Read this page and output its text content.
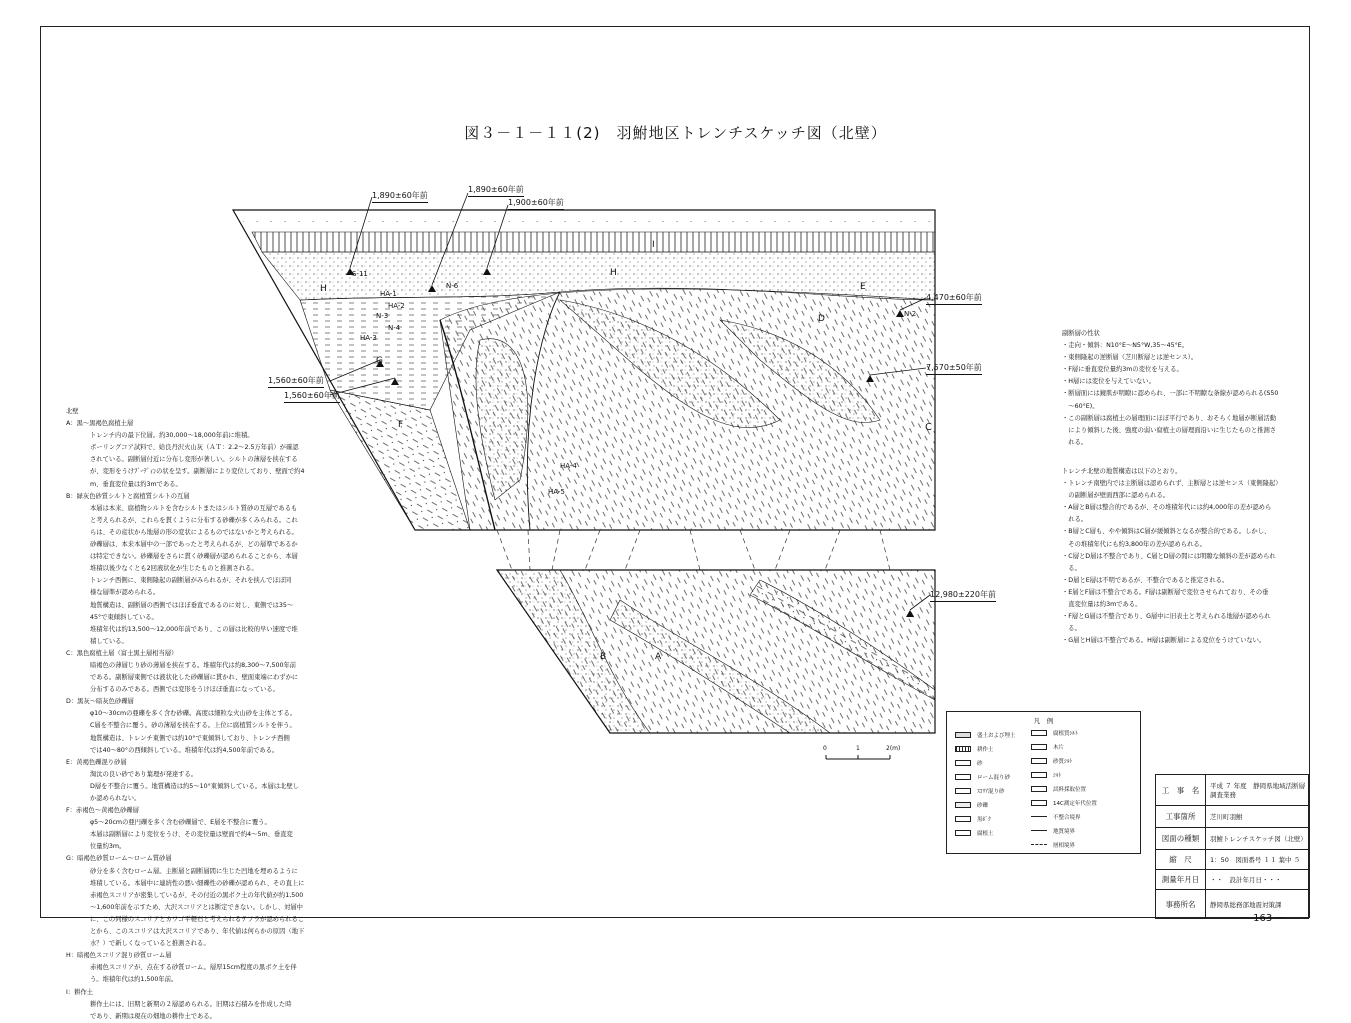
図３－１－１１(2)　羽鮒地区トレンチスケッチ図（北壁）
I
H
H	E
D
C
F
G
B	A
S-11
HA-1
HA-2
N-3
N-4
HA-3
HA-4
HA-5
N-6
N-2
1,890±60年前
1,890±60年前
1,900±60年前
4,470±60年前
7,570±50年前
1,560±60年前
1,560±60年前
12,980±220年前
0	1	2(m)
北壁
A：黒～黒褐色腐植土層
トレンチ内の最下位層。約30,000～18,000年前に堆積。
ボーリングコア試料で、姶良丹沢火山灰（ＡＴ：2.2～2.5万年前）が確認
されている。副断層付近に分布し変形が著しい。シルトの薄層を挟在する
が、変形をうけﾌﾞｰﾃﾞｨﾝの状を呈す。副断層により変位しており、壁面で約4
m、垂直変位量は約3mである。
B：緑灰色砂質シルトと腐植質シルトの互層
本層は本来、腐植物シルトを含むシルトまたはシルト質砂の互層であるも
と考えられるが、これらを貫くように分布する砂礫が多くみられる。これ
らは、その産状から地層の形の変状によるものではないかと考えられる。
砂礫層は、本来本層中の一部であったと考えられるが、どの層準であるか
は特定できない。砂礫層をさらに貫く砂礫層が認められることから、本層
堆積以後少なくとも2回液状化が生じたものと推測される。
トレンチ西側に、東側隆起の副断層がみられるが、それを挟んでほぼ同
様な層準が認められる。
地質構造は、副断層の西側ではほぼ垂直であるのに対し、東側では35～
45°で東傾斜している。
堆積年代は約13,500～12,000年前であり、この層は比較的早い速度で堆
積している。
C：黒色腐植土層（富士黒土層相当層）
暗褐色の薄層じり砂の薄層を挟在する。堆積年代は約8,300～7,500年前
である。副断層東側では液状化した砂礫層に貫かれ、壁面東端にわずかに
分布するのみである。西側では変形をうけほぼ垂直になっている。
D：黒灰～暗灰色砂礫層
φ10～30cmの亜礫を多く含む砂礫。高度は細粒な火山砂を主体とする。
C層を不整合に覆う。砂の薄層を挟在する。上位に腐植質シルトを伴う。
地質構造は、トレンチ東側では約10°で東傾斜しており、トレンチ西側
では40～80°の西傾斜している。堆積年代は約4,500年前である。
E：黄褐色礫混り砂層
淘汰の良い砂であり葉理が発達する。
D層を不整合に覆う。地質構造は約5～10°東傾斜している。本層は北壁し
か認められない。
F：赤褐色～黄褐色砂礫層
φ5～20cmの亜円礫を多く含む砂礫層で、E層を不整合に覆う。
本層は副断層により変位をうけ、その変位量は壁面で約4～5m、垂直変
位量約3m。
G：暗褐色砂質ローム～ローム質砂層
砂分を多く含むローム層。主断層と副断層間に生じた凹地を埋めるように
堆積している。本層中に連続性の悪い細礫性の砂礫が認められ、その直上に
赤褐色スコリアが密集しているが、その付近の黒ボク土の年代値が約1,500
～1,600年前を示すため、大沢スコリアとは断定できない。しかし、対層中
に、この同様のスコリアとカワゴ平軽石と考えられるテフラが認められるこ
とから、このスコリアは大沢スコリアであり、年代値は何らかの原因（地下
水？）で新しくなっていると推測される。
H：暗褐色スコリア混り砂質ローム層
赤褐色スコリアが、点在する砂質ローム。層厚15cm程度の黒ボク土を伴
う。堆積年代は約1,500年前。
I：耕作土
耕作土には、旧期と新期の２層認められる。旧期は石積みを作成した時
であり、新期は現在の畑地の耕作土である。
副断層の性状
・走向・傾斜：N10°E～N5°W,35～45°E。
・東側隆起の逆断層（芝川断層とは逆センス）。
・F層に垂直変位量約3mの変位を与える。
・H層には変位を与えていない。
・断層面には鏡肌が明瞭に認められ、一部に不明瞭な条線が認められる(S50
　～60°E)。
・この副断層は腐植土の層理面にほぼ平行であり、おそらく地層が断層活動
　により傾斜した後、強度の弱い腐植土の層理面沿いに生じたものと推測さ
　れる。
トレンチ北壁の地質構造は以下のとおり。
・トレンチ南壁内では主断層は認められず、主断層とは逆センス（東側隆起）
　の副断層が壁面西部に認められる。
・A層とB層は整合的であるが、その堆積年代には約4,000年の差が認めら
　れる。
・B層とC層も、やや傾斜はC層が緩傾斜となるが整合的である。しかし、
　その堆積年代にも約3,800年の差が認められる。
・C層とD層は不整合であり、C層とD層の間には明瞭な傾斜の差が認められ
　る。
・D層とE層は不明であるが、不整合であると推定される。
・E層とF層は不整合である。F層は副断層で変位させられており、その垂
　直変位量は約3mである。
・F層とG層は不整合であり、G層中に旧表土と考えられる地層が認められ
　る。
・G層とH層は不整合である。H層は副断層による変位をうけていない。
凡　例
盛土および埋土
耕作土
砂
ローム混り砂
ｽｺﾘｱ混り砂
砂礫
黒ﾎﾞｸ
腐植土
腐植質ｼﾙﾄ
木片
砂質ｼﾙﾄ
ｼﾙﾄ
試料採取位置
14C測定年代位置
不整合境界
地質境界
層相境界
工　事　名	平成 ７ 年度　静岡県地域活断層調査業務
工事箇所	芝川町羽鮒
図面の種類	羽鮒トレンチスケッチ図（北壁）
縮　尺	1：50　図面番号 １１ 葉中 ５
測量年月日	・・　設計年月日・・・
事務所名	静岡県総務部地震対策課
－ 163 －
